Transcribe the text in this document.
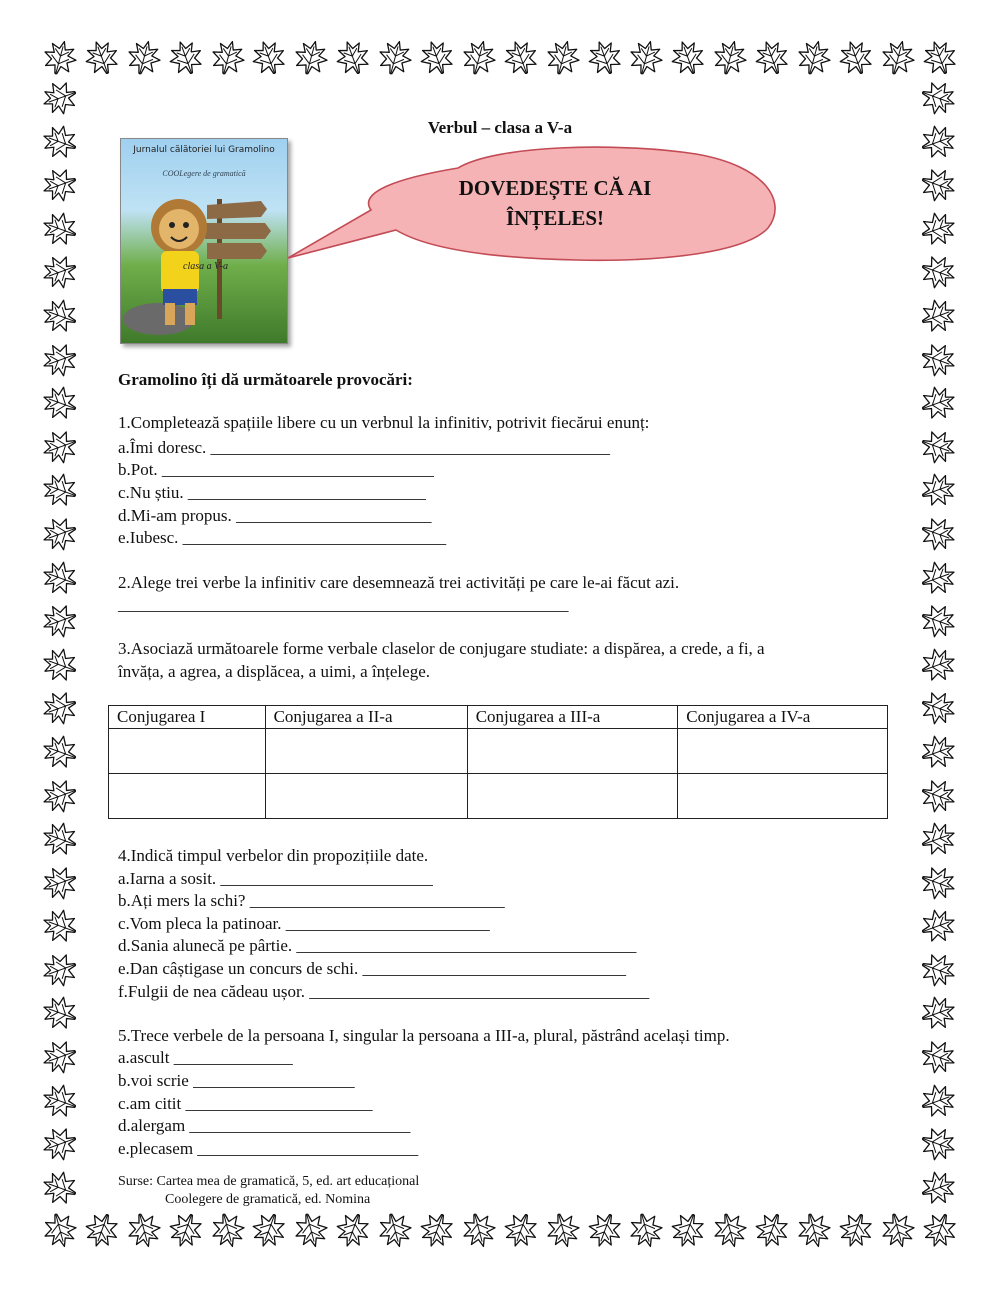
Verbul – clasa a V-a
Jurnalul călătoriei lui Gramolino
COOLegere de gramatică
clasa a V-a
DOVEDEȘTE CĂ AI
ÎNȚELES!
Gramolino îți dă următoarele provocări:
1.Completează spațiile libere cu un verbnul la infinitiv, potrivit fiecărui enunț:
a.Îmi doresc. _______________________________________________
b.Pot. ________________________________
c.Nu știu. ____________________________
d.Mi-am propus. _______________________
e.Iubesc. _______________________________
2.Alege trei verbe la infinitiv care desemnează trei activități pe care le-ai făcut azi.
_____________________________________________________
3.Asociază următoarele forme verbale claselor de conjugare studiate: a dispărea, a crede, a fi, a
învăța, a agrea, a displăcea, a uimi, a înțelege.
Conjugarea I	Conjugarea a II-a	Conjugarea a III-a	Conjugarea a IV-a

4.Indică timpul verbelor din propozițiile date.
a.Iarna a sosit. _________________________
b.Ați mers la schi? ______________________________
c.Vom pleca la patinoar. ________________________
d.Sania alunecă pe pârtie. ________________________________________
e.Dan câștigase un concurs de schi. _______________________________
f.Fulgii de nea cădeau ușor. ________________________________________
5.Trece verbele de la persoana I, singular la persoana a III-a, plural, păstrând același timp.
a.ascult ______________
b.voi scrie ___________________
c.am citit ______________________
d.alergam __________________________
e.plecasem __________________________
Surse: Cartea mea de gramatică, 5, ed. art educațional
Coolegere de gramatică, ed. Nomina
